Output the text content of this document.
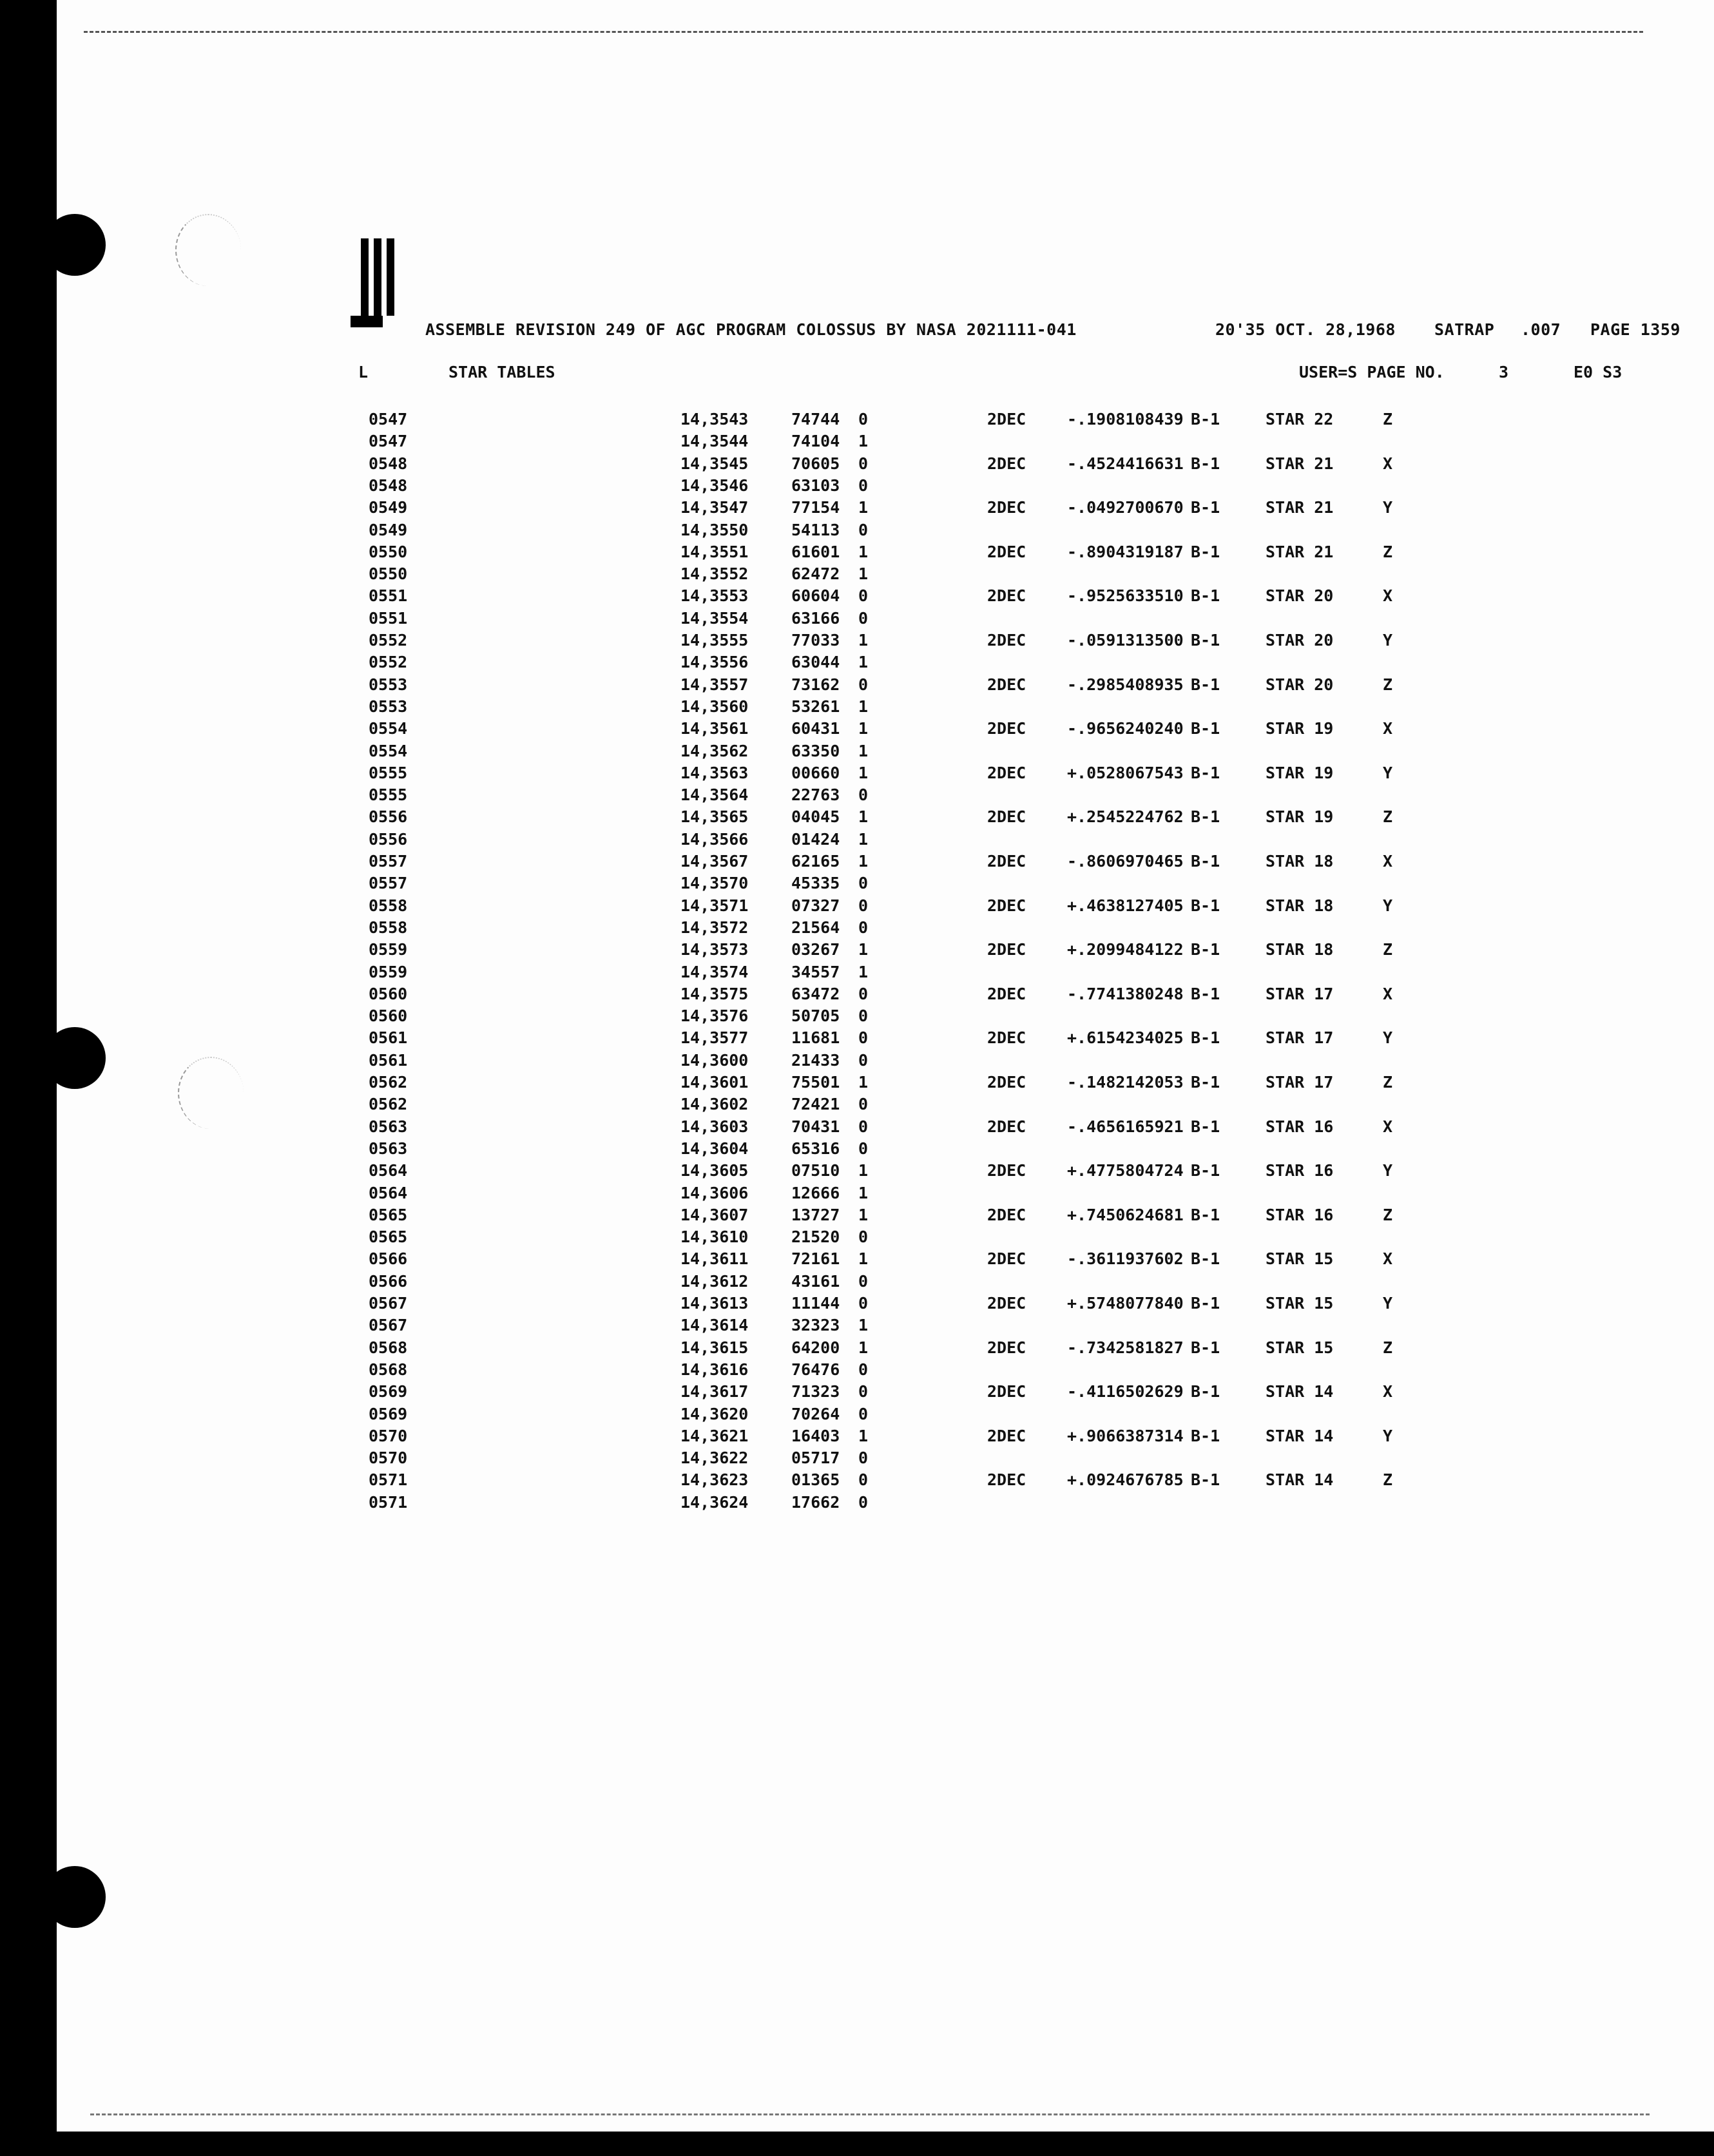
GAP

	ASSEMBLE REVISION 249 OF AGC PROGRAM COLOSSUS BY NASA 2021111-041

	20'35 OCT. 28,1968

SATRAP

.007

PAGE 1359

L	STAR TABLES	USER=S PAGE NO.	3	E0 S3
0547	14,3543	74744 0	2DEC	-.1908108439 B-1	STAR 22	Z
0547	14,3544	74104 1
0548	14,3545	70605 0	2DEC	-.4524416631 B-1	STAR 21	X
0548	14,3546	63103 0
0549	14,3547	77154 1	2DEC	-.0492700670 B-1	STAR 21	Y
0549	14,3550	54113 0
0550	14,3551	61601 1	2DEC	-.8904319187 B-1	STAR 21	Z
0550	14,3552	62472 1
0551	14,3553	60604 0	2DEC	-.9525633510 B-1	STAR 20	X
0551	14,3554	63166 0
0552	14,3555	77033 1	2DEC	-.0591313500 B-1	STAR 20	Y
0552	14,3556	63044 1
0553	14,3557	73162 0	2DEC	-.2985408935 B-1	STAR 20	Z
0553	14,3560	53261 1
0554	14,3561	60431 1	2DEC	-.9656240240 B-1	STAR 19	X
0554	14,3562	63350 1
0555	14,3563	00660 1	2DEC	+.0528067543 B-1	STAR 19	Y
0555	14,3564	22763 0
0556	14,3565	04045 1	2DEC	+.2545224762 B-1	STAR 19	Z
0556	14,3566	01424 1
0557	14,3567	62165 1	2DEC	-.8606970465 B-1	STAR 18	X
0557	14,3570	45335 0
0558	14,3571	07327 0	2DEC	+.4638127405 B-1	STAR 18	Y
0558	14,3572	21564 0
0559	14,3573	03267 1	2DEC	+.2099484122 B-1	STAR 18	Z
0559	14,3574	34557 1
0560	14,3575	63472 0	2DEC	-.7741380248 B-1	STAR 17	X
0560	14,3576	50705 0
0561	14,3577	11681 0	2DEC	+.6154234025 B-1	STAR 17	Y
0561	14,3600	21433 0
0562	14,3601	75501 1	2DEC	-.1482142053 B-1	STAR 17	Z
0562	14,3602	72421 0
0563	14,3603	70431 0	2DEC	-.4656165921 B-1	STAR 16	X
0563	14,3604	65316 0
0564	14,3605	07510 1	2DEC	+.4775804724 B-1	STAR 16	Y
0564	14,3606	12666 1
0565	14,3607	13727 1	2DEC	+.7450624681 B-1	STAR 16	Z
0565	14,3610	21520 0
0566	14,3611	72161 1	2DEC	-.3611937602 B-1	STAR 15	X
0566	14,3612	43161 0
0567	14,3613	11144 0	2DEC	+.5748077840 B-1	STAR 15	Y
0567	14,3614	32323 1
0568	14,3615	64200 1	2DEC	-.7342581827 B-1	STAR 15	Z
0568	14,3616	76476 0
0569	14,3617	71323 0	2DEC	-.4116502629 B-1	STAR 14	X
0569	14,3620	70264 0
0570	14,3621	16403 1	2DEC	+.9066387314 B-1	STAR 14	Y
0570	14,3622	05717 0
0571	14,3623	01365 0	2DEC	+.0924676785 B-1	STAR 14	Z
0571	14,3624	17662 0
